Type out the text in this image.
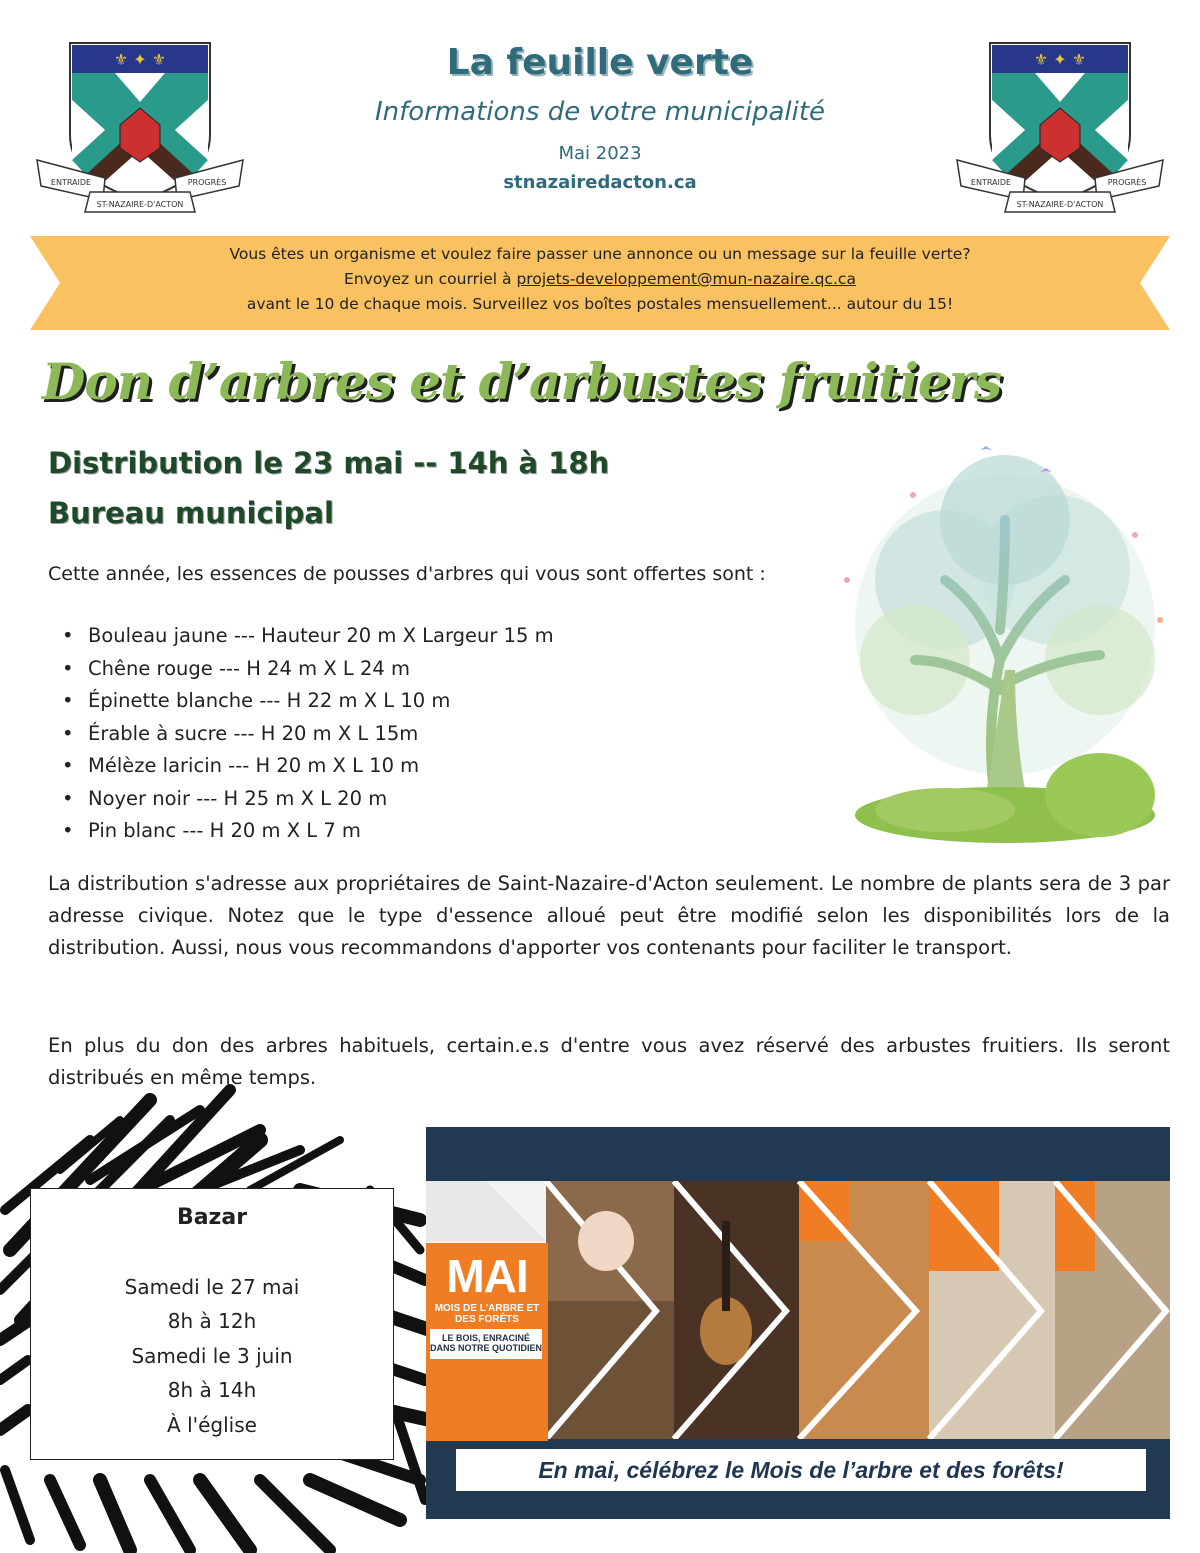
⚜ ✦ ⚜
ENTRAIDE	PROGRÈS
ST-NAZAIRE-D'ACTON
La feuille verte
Informations de votre municipalité
Mai 2023
stnazairedacton.ca
⚜ ✦ ⚜
ENTRAIDE	PROGRÈS
ST-NAZAIRE-D'ACTON
Vous êtes un organisme et voulez faire passer une annonce ou un message sur la feuille verte?
Envoyez un courriel à projets-developpement@mun-nazaire.qc.ca
avant le 10 de chaque mois. Surveillez vos boîtes postales mensuellement... autour du 15!
Don d’arbres et d’arbustes fruitiers
Distribution le 23 mai -- 14h à 18h
Bureau municipal
Cette année, les essences de pousses d'arbres qui vous sont offertes sont :
• Bouleau jaune --- Hauteur 20 m X Largeur 15 m
• Chêne rouge --- H 24 m X L 24 m
• Épinette blanche --- H 22 m X L 10 m
• Érable à sucre --- H 20 m X L 15m
• Mélèze laricin --- H 20 m X L 10 m
• Noyer noir --- H 25 m X L 20 m
• Pin blanc --- H 20 m X L 7 m
La distribution s'adresse aux propriétaires de Saint-Nazaire-d'Acton seulement. Le nombre de plants sera de 3 par adresse civique. Notez que le type d'essence alloué peut être modifié selon les disponibilités lors de la distribution. Aussi, nous vous recommandons d'apporter vos contenants pour faciliter le transport.
En plus du don des arbres habituels, certain.e.s d'entre vous avez réservé des arbustes fruitiers. Ils seront distribués en même temps.
Bazar
Samedi le 27 mai
8h à 12h
Samedi le 3 juin
8h à 14h
À l'église
MAI
MOIS DE L'ARBRE ET DES FORÊTS
LE BOIS, ENRACINÉ DANS NOTRE QUOTIDIEN
En mai, célébrez le Mois de l’arbre et des forêts!
